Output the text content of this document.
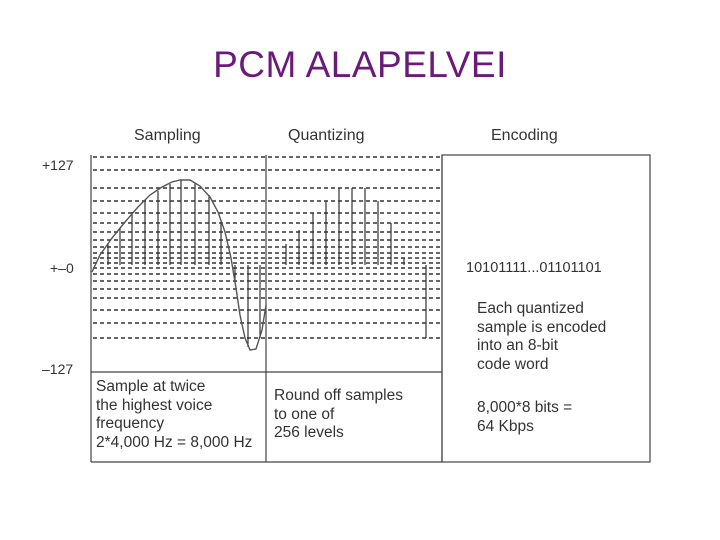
PCM ALAPELVEI
Sampling	Quantizing	Encoding
+127
+–0
–127
10101111...01101101
Each quantized
sample is encoded
into an 8-bit
code word
8,000*8 bits =
64 Kbps
Sample at twice
the highest voice
frequency
2*4,000 Hz = 8,000 Hz
Round off samples
to one of
256 levels
